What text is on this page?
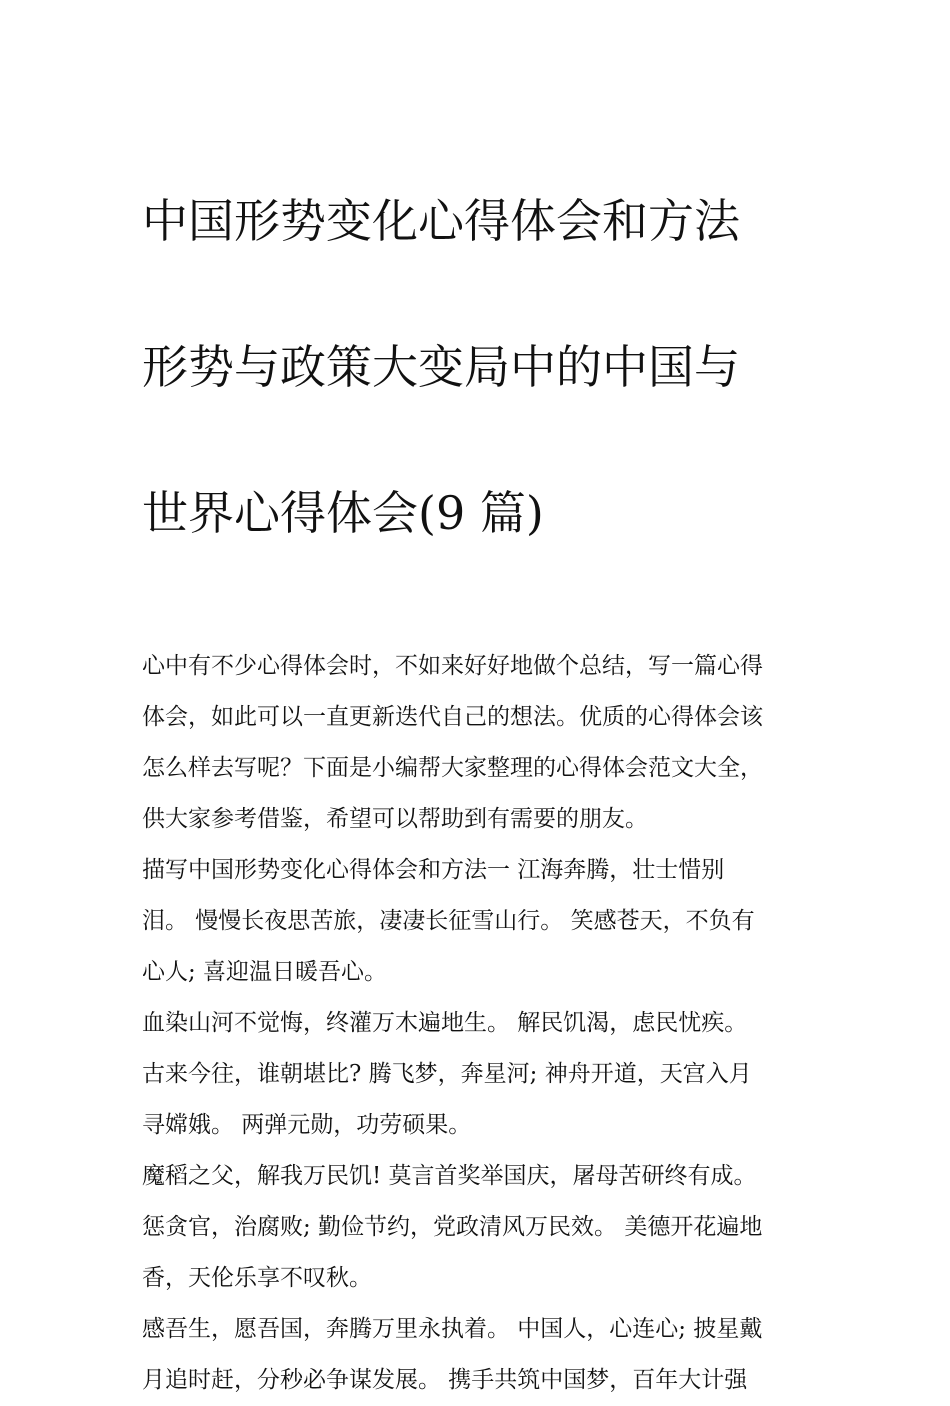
中国形势变化心得体会和方法

形势与政策大变局中的中国与

世界心得体会(9 篇)

心中有不少心得体会时，不如来好好地做个总结，写一篇心得
体会，如此可以一直更新迭代自己的想法。优质的心得体会该
怎么样去写呢？下面是小编帮大家整理的心得体会范文大全，
供大家参考借鉴，希望可以帮助到有需要的朋友。

描写中国形势变化心得体会和方法一 江海奔腾，壮士惜别
泪。 慢慢长夜思苦旅，凄凄长征雪山行。 笑感苍天，不负有
心人; 喜迎温日暖吾心。

血染山河不觉悔，终灌万木遍地生。 解民饥渴，虑民忧疾。
古来今往，谁朝堪比? 腾飞梦，奔星河; 神舟开道，天宫入月
寻嫦娥。 两弹元勋，功劳硕果。

魔稻之父，解我万民饥! 莫言首奖举国庆，屠母苦研终有成。
惩贪官，治腐败; 勤俭节约，党政清风万民效。 美德开花遍地
香，天伦乐享不叹秋。

感吾生，愿吾国，奔腾万里永执着。 中国人，心连心; 披星戴
月追时赶，分秒必争谋发展。 携手共筑中国梦，百年大计强
